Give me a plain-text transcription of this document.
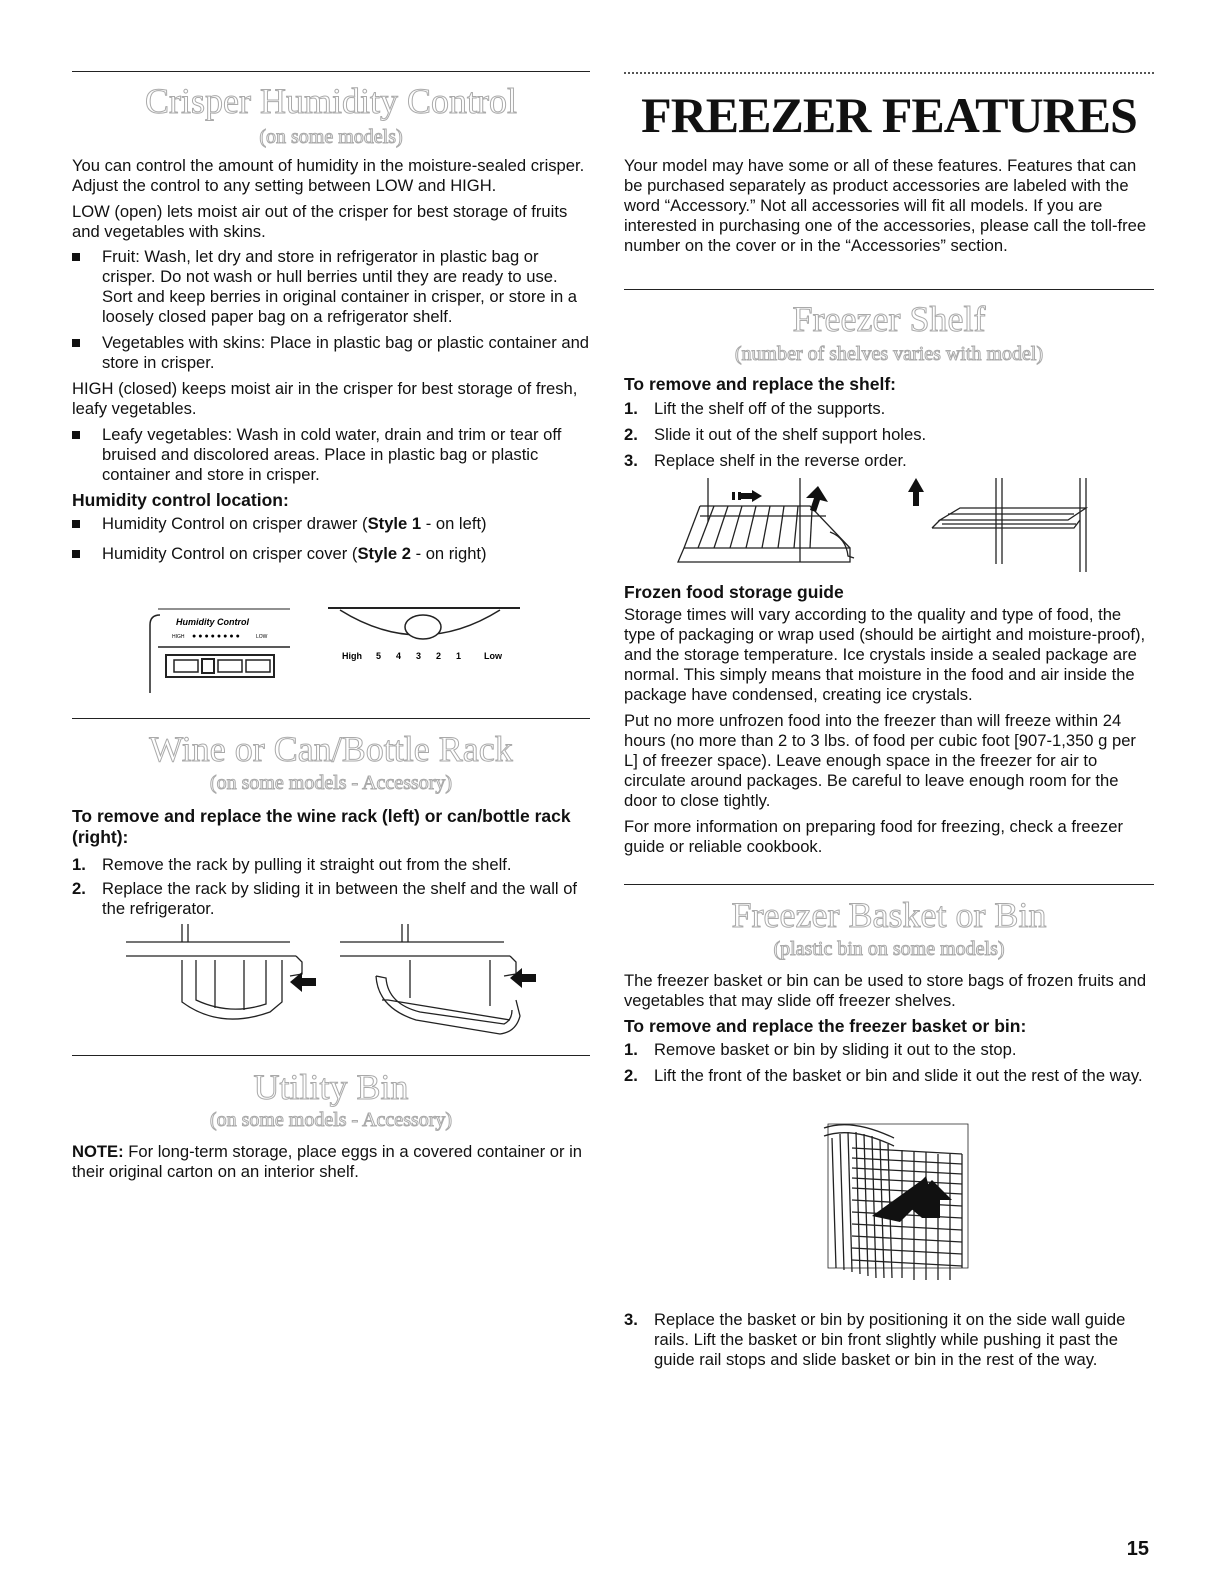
Crisper Humidity Control
(on some models)

You can control the amount of humidity in the moisture-sealed crisper. Adjust the control to any setting between LOW and HIGH.

LOW (open) lets moist air out of the crisper for best storage of fruits and vegetables with skins.

Fruit: Wash, let dry and store in refrigerator in plastic bag or crisper. Do not wash or hull berries until they are ready to use. Sort and keep berries in original container in crisper, or store in a loosely closed paper bag on a refrigerator shelf.
Vegetables with skins: Place in plastic bag or plastic container and store in crisper.

HIGH (closed) keeps moist air in the crisper for best storage of fresh, leafy vegetables.

Leafy vegetables: Wash in cold water, drain and trim or tear off bruised and discolored areas. Place in plastic bag or plastic container and store in crisper.
Humidity control location:
Humidity Control on crisper drawer (Style 1 - on left)
Humidity Control on crisper cover (Style 2 - on right)
Humidity Control
HIGH ●●●●●●●●	LOW
High 5 4 3 2 1	Low
Wine or Can/Bottle Rack
(on some models - Accessory)
To remove and replace the wine rack (left) or can/bottle rack (right):
1. Remove the rack by pulling it straight out from the shelf.
2. Replace the rack by sliding it in between the shelf and the wall of the refrigerator.
Utility Bin
(on some models - Accessory)

NOTE: For long-term storage, place eggs in a covered container or in their original carton on an interior shelf.

FREEZER FEATURES

Your model may have some or all of these features. Features that can be purchased separately as product accessories are labeled with the word “Accessory.” Not all accessories will fit all models. If you are interested in purchasing one of the accessories, please call the toll-free number on the cover or in the “Accessories” section.

Freezer Shelf
(number of shelves varies with model)
To remove and replace the shelf:
1. Lift the shelf off of the supports.
2. Slide it out of the shelf support holes.
3. Replace shelf in the reverse order.
Frozen food storage guide

Storage times will vary according to the quality and type of food, the type of packaging or wrap used (should be airtight and moisture-proof), and the storage temperature. Ice crystals inside a sealed package are normal. This simply means that moisture in the food and air inside the package have condensed, creating ice crystals.

Put no more unfrozen food into the freezer than will freeze within 24 hours (no more than 2 to 3 lbs. of food per cubic foot [907-1,350 g per L] of freezer space). Leave enough space in the freezer for air to circulate around packages. Be careful to leave enough room for the door to close tightly.

For more information on preparing food for freezing, check a freezer guide or reliable cookbook.

Freezer Basket or Bin
(plastic bin on some models)

The freezer basket or bin can be used to store bags of frozen fruits and vegetables that may slide off freezer shelves.

To remove and replace the freezer basket or bin:
1. Remove basket or bin by sliding it out to the stop.
2. Lift the front of the basket or bin and slide it out the rest of the way.
3. Replace the basket or bin by positioning it on the side wall guide rails. Lift the basket or bin front slightly while pushing it past the guide rail stops and slide basket or bin in the rest of the way.
15
